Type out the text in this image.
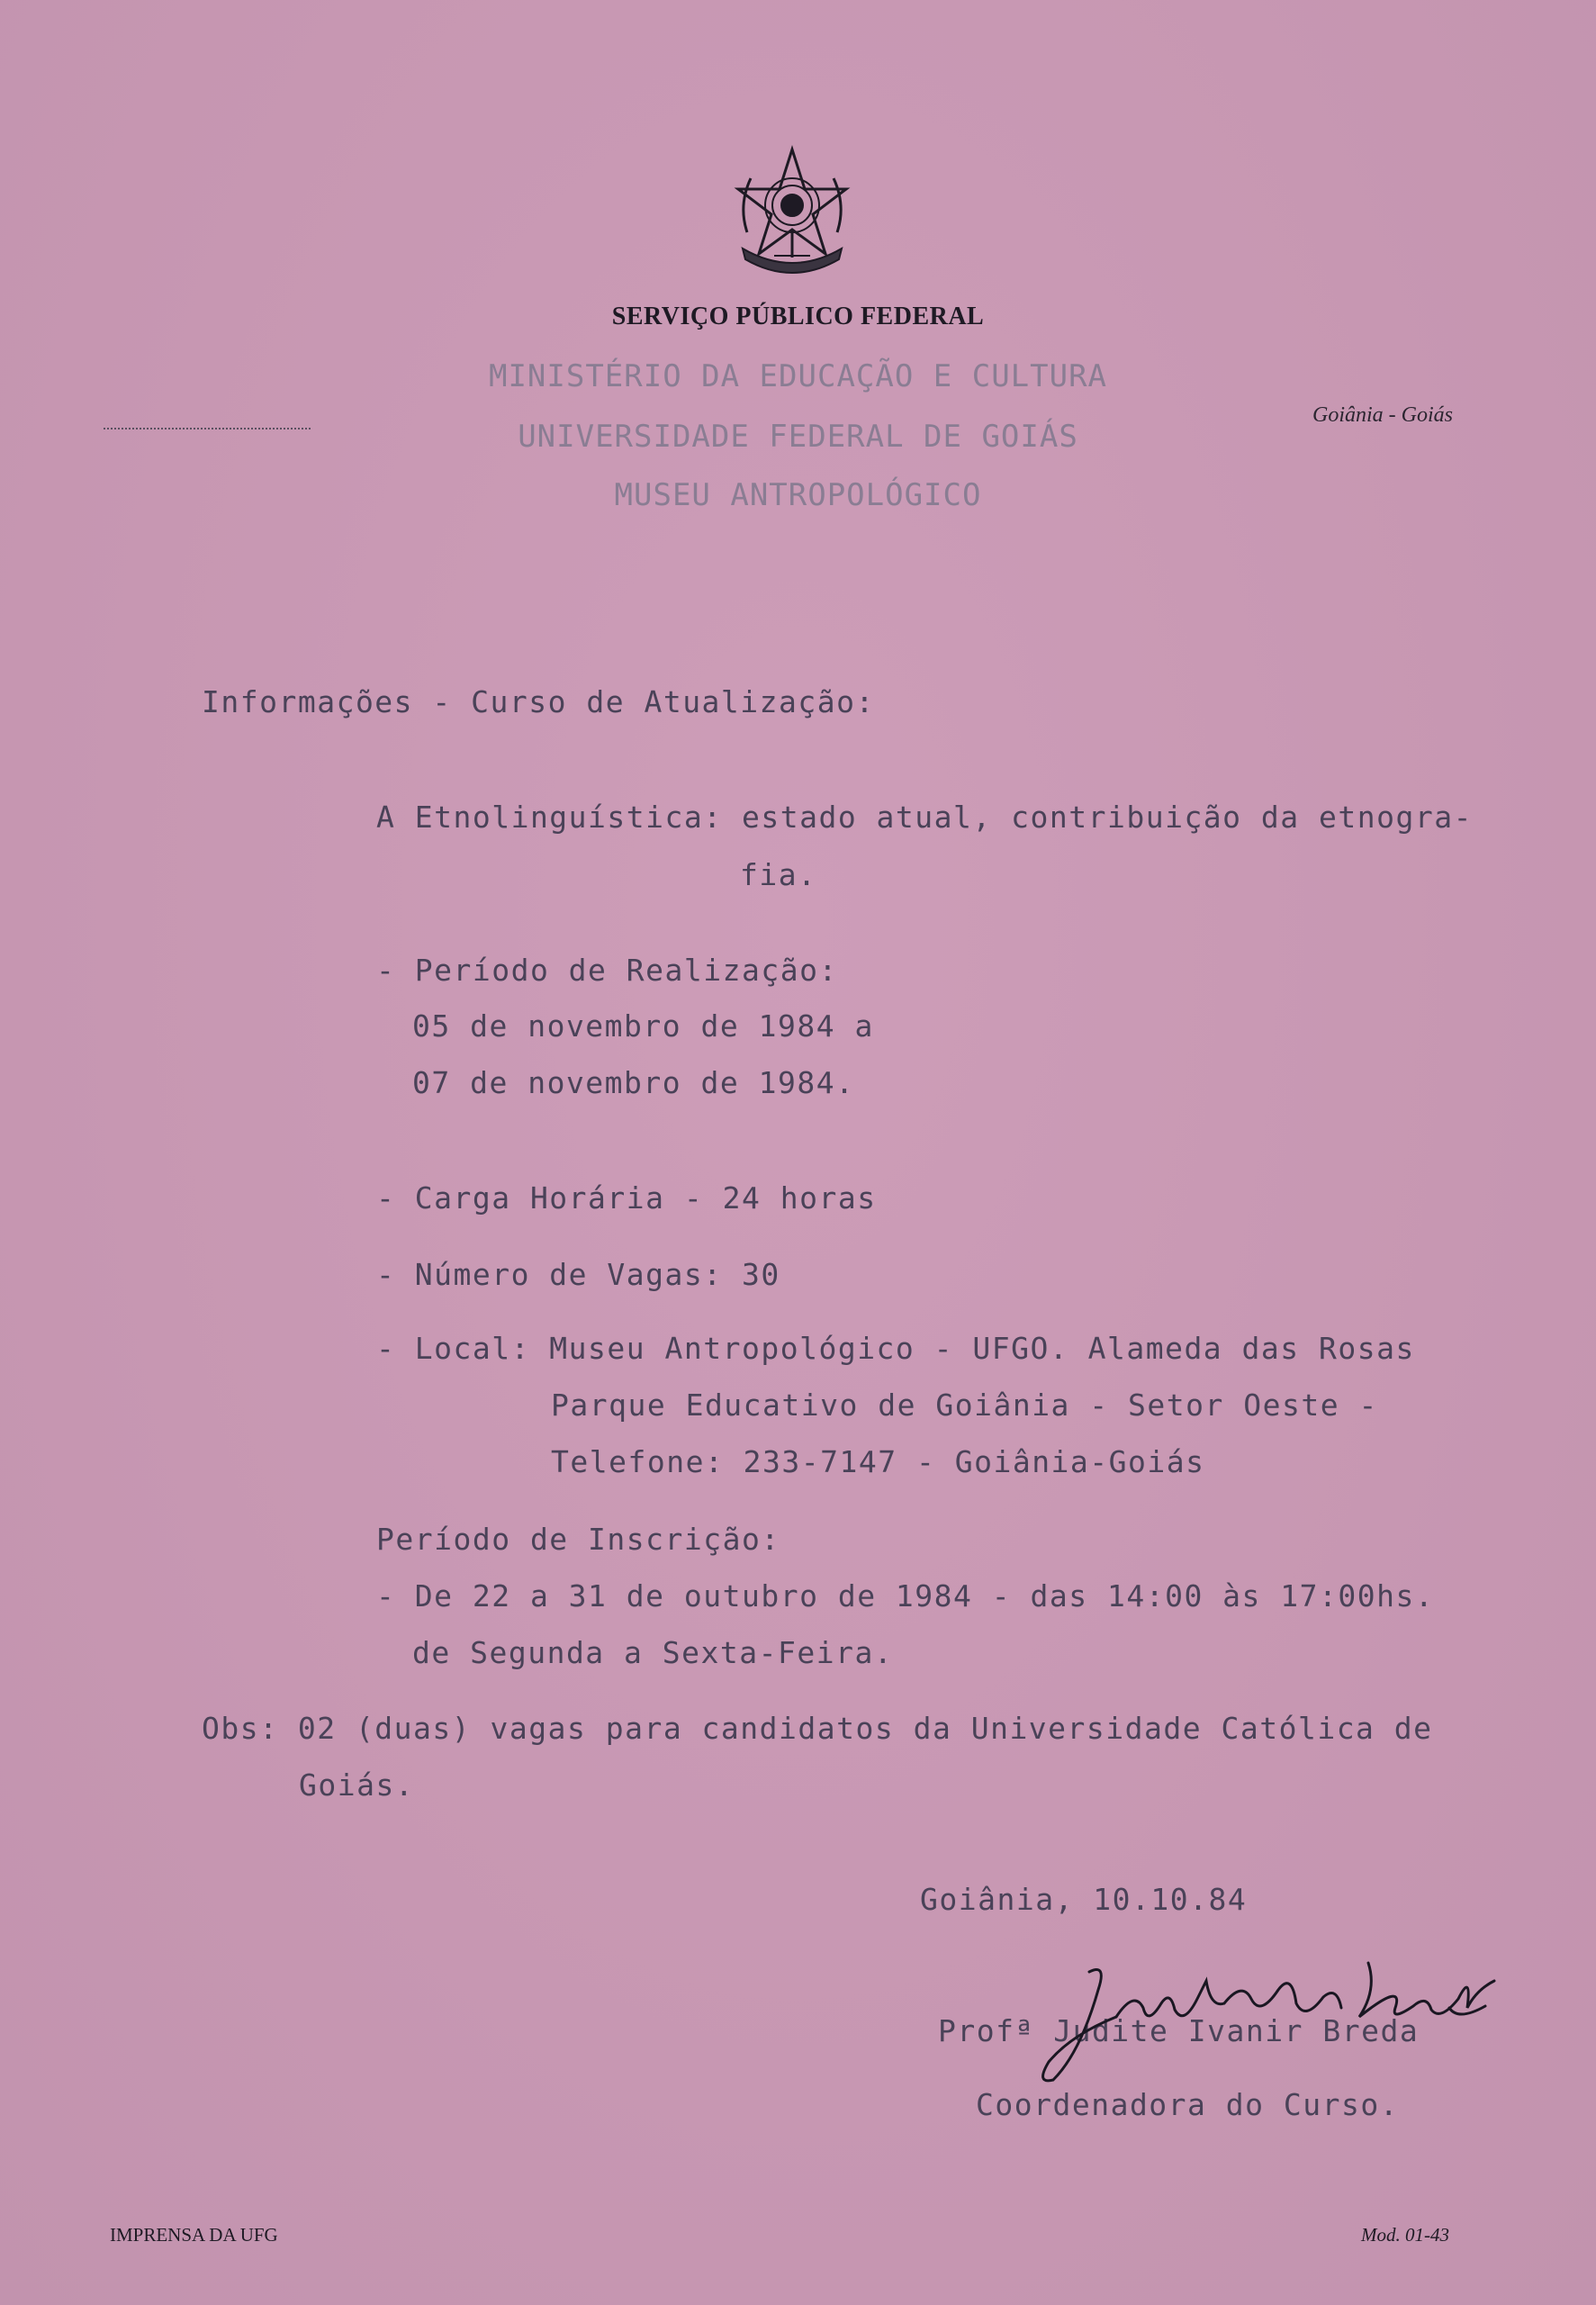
SERVIÇO PÚBLICO FEDERAL
MINISTÉRIO DA EDUCAÇÃO E CULTURA
UNIVERSIDADE FEDERAL DE GOIÁS
Goiânia - Goiás
MUSEU ANTROPOLÓGICO
Informações - Curso de Atualização:
A Etnolinguística: estado atual, contribuição da etnogra-
fia.
- Período de Realização:
05 de novembro de 1984 a
07 de novembro de 1984.
- Carga Horária - 24 horas
- Número de Vagas: 30
- Local: Museu Antropológico - UFGO. Alameda das Rosas
Parque Educativo de Goiânia - Setor Oeste -
Telefone: 233-7147 - Goiânia-Goiás
Período de Inscrição:
- De 22 a 31 de outubro de 1984 - das 14:00 às 17:00hs.
de Segunda a Sexta-Feira.
Obs: 02 (duas) vagas para candidatos da Universidade Católica de
Goiás.
Goiânia, 10.10.84
Profª Judite Ivanir Breda
Coordenadora do Curso.
IMPRENSA DA UFG	Mod. 01-43
